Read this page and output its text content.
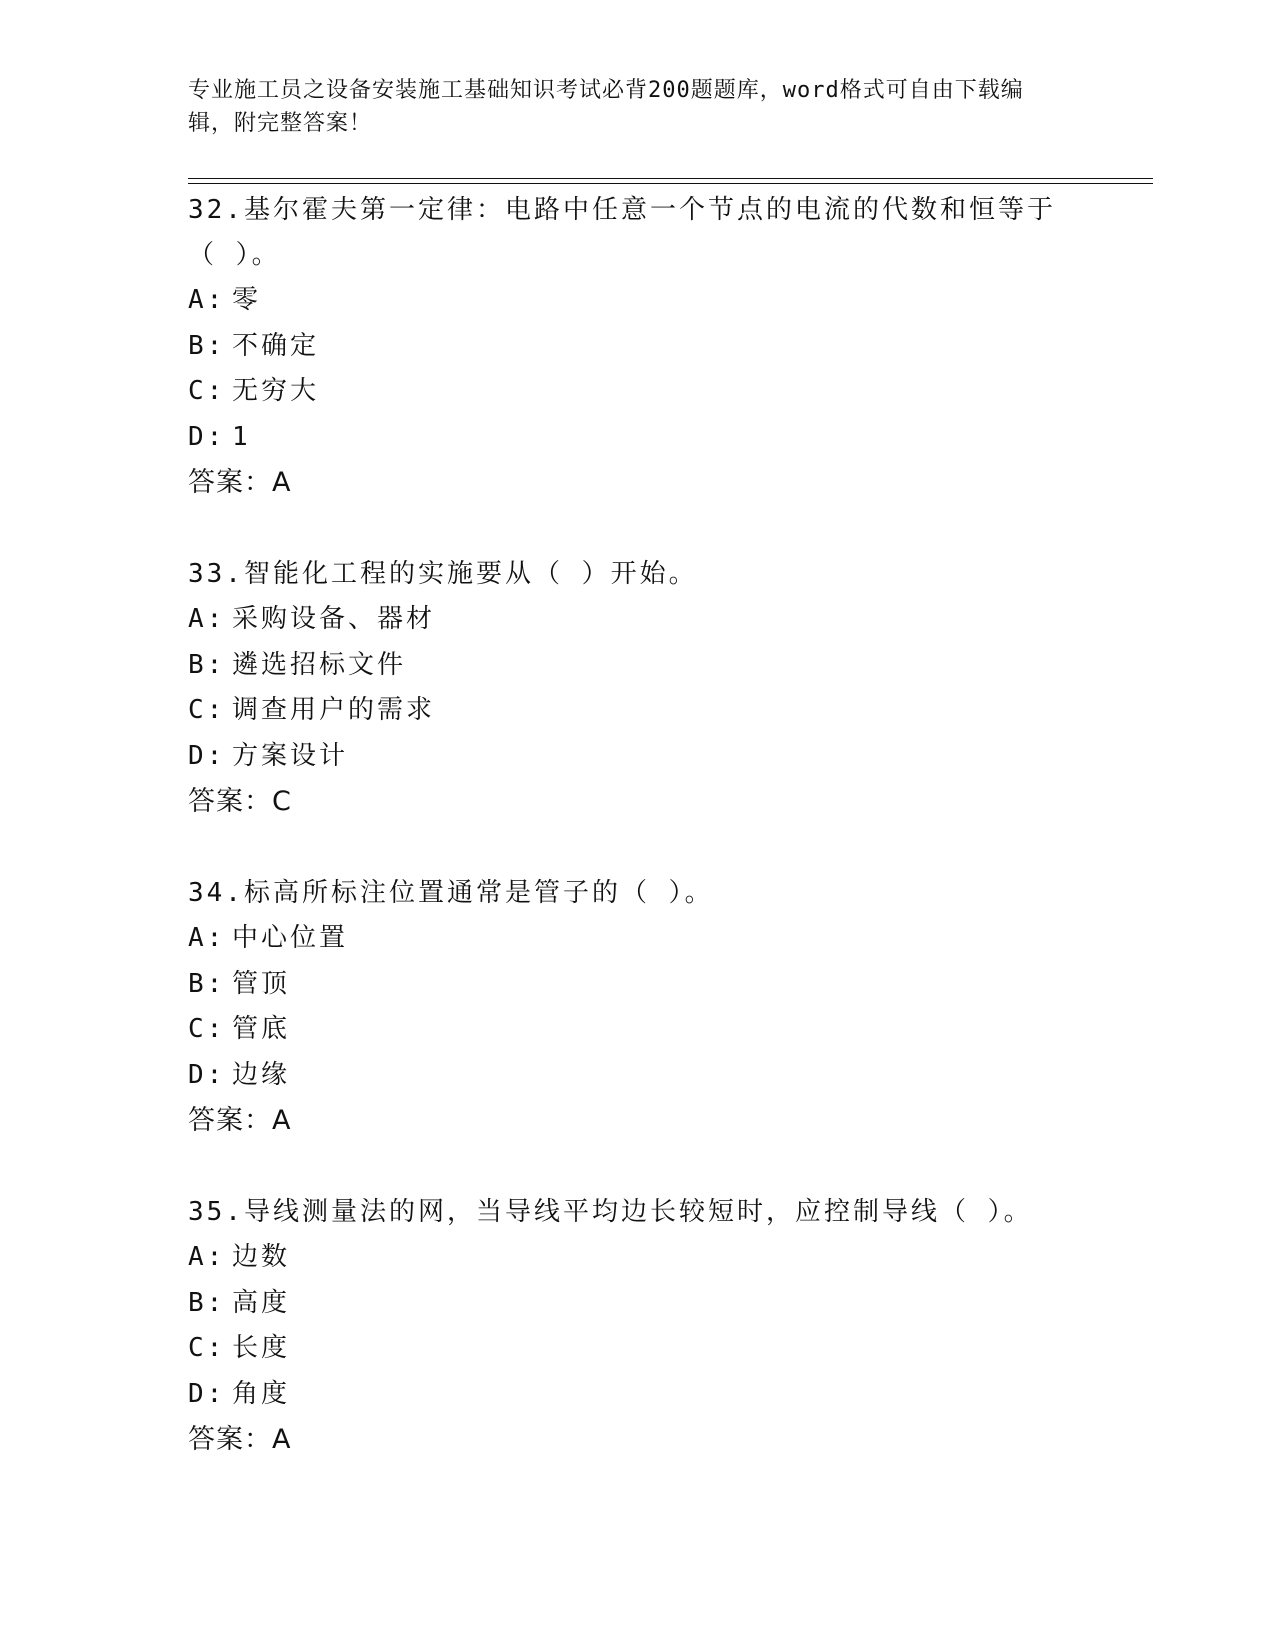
专业施工员之设备安装施工基础知识考试必背200题题库，word格式可自由下载编辑，附完整答案！
32.基尔霍夫第一定律：电路中任意一个节点的电流的代数和恒等于（ ）。
A: 零
B: 不确定
C: 无穷大
D: 1
答案：A
33.智能化工程的实施要从（ ）开始。
A: 采购设备、器材
B: 遴选招标文件
C: 调查用户的需求
D: 方案设计
答案：C
34.标高所标注位置通常是管子的（ ）。
A: 中心位置
B: 管顶
C: 管底
D: 边缘
答案：A
35.导线测量法的网，当导线平均边长较短时，应控制导线（ ）。
A: 边数
B: 高度
C: 长度
D: 角度
答案：A
